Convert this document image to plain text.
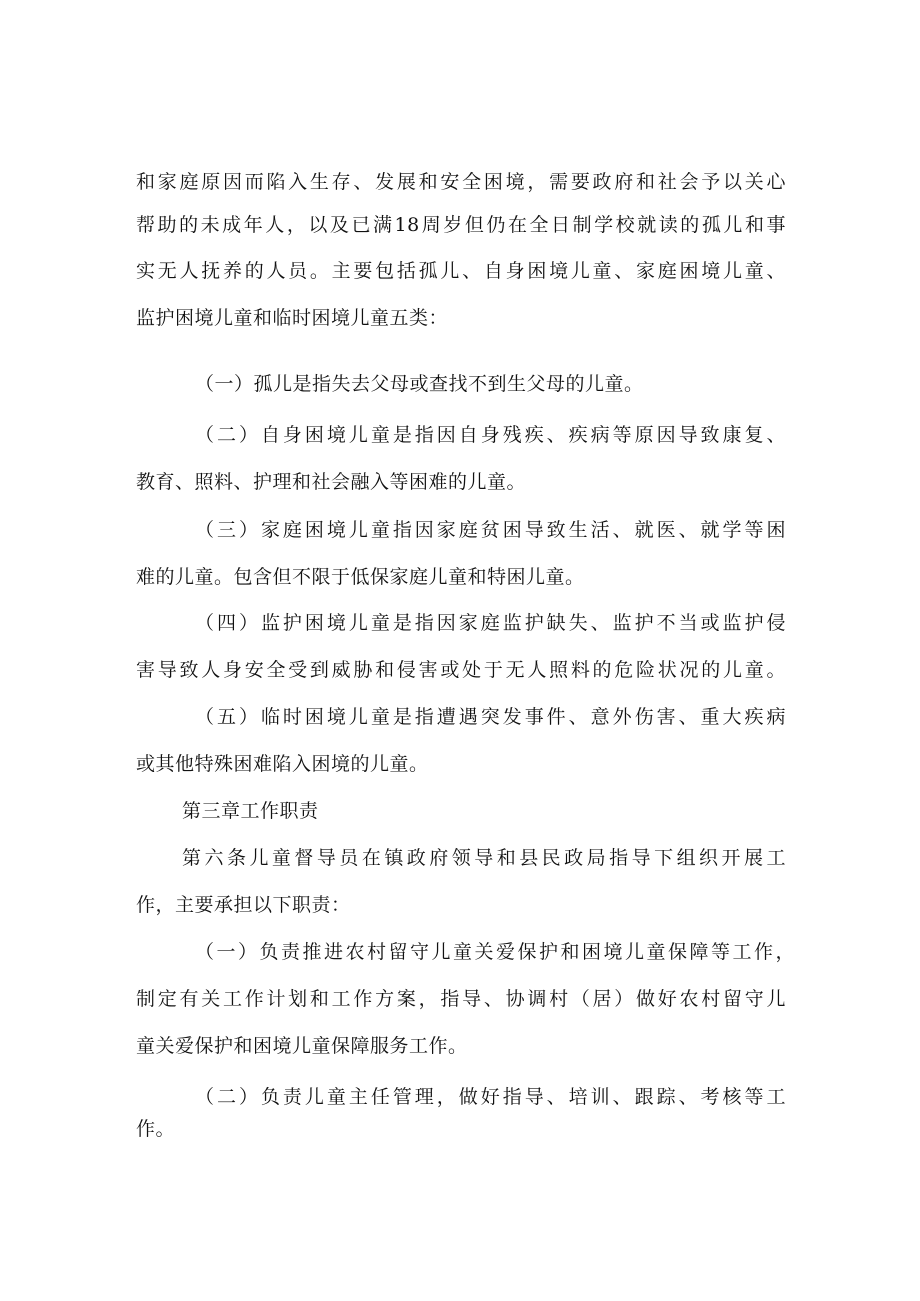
和家庭原因而陷入生存、发展和安全困境，需要政府和社会予以关心

帮助的未成年人，以及已满18周岁但仍在全日制学校就读的孤儿和事

实无人抚养的人员。主要包括孤儿、自身困境儿童、家庭困境儿童、

监护困境儿童和临时困境儿童五类：

（一）孤儿是指失去父母或查找不到生父母的儿童。

（二）自身困境儿童是指因自身残疾、疾病等原因导致康复、

教育、照料、护理和社会融入等困难的儿童。

（三）家庭困境儿童指因家庭贫困导致生活、就医、就学等困

难的儿童。包含但不限于低保家庭儿童和特困儿童。

（四）监护困境儿童是指因家庭监护缺失、监护不当或监护侵

害导致人身安全受到威胁和侵害或处于无人照料的危险状况的儿童。

（五）临时困境儿童是指遭遇突发事件、意外伤害、重大疾病

或其他特殊困难陷入困境的儿童。

第三章工作职责

第六条儿童督导员在镇政府领导和县民政局指导下组织开展工

作，主要承担以下职责：

（一）负责推进农村留守儿童关爱保护和困境儿童保障等工作，

制定有关工作计划和工作方案，指导、协调村（居）做好农村留守儿

童关爱保护和困境儿童保障服务工作。

（二）负责儿童主任管理，做好指导、培训、跟踪、考核等工

作。
